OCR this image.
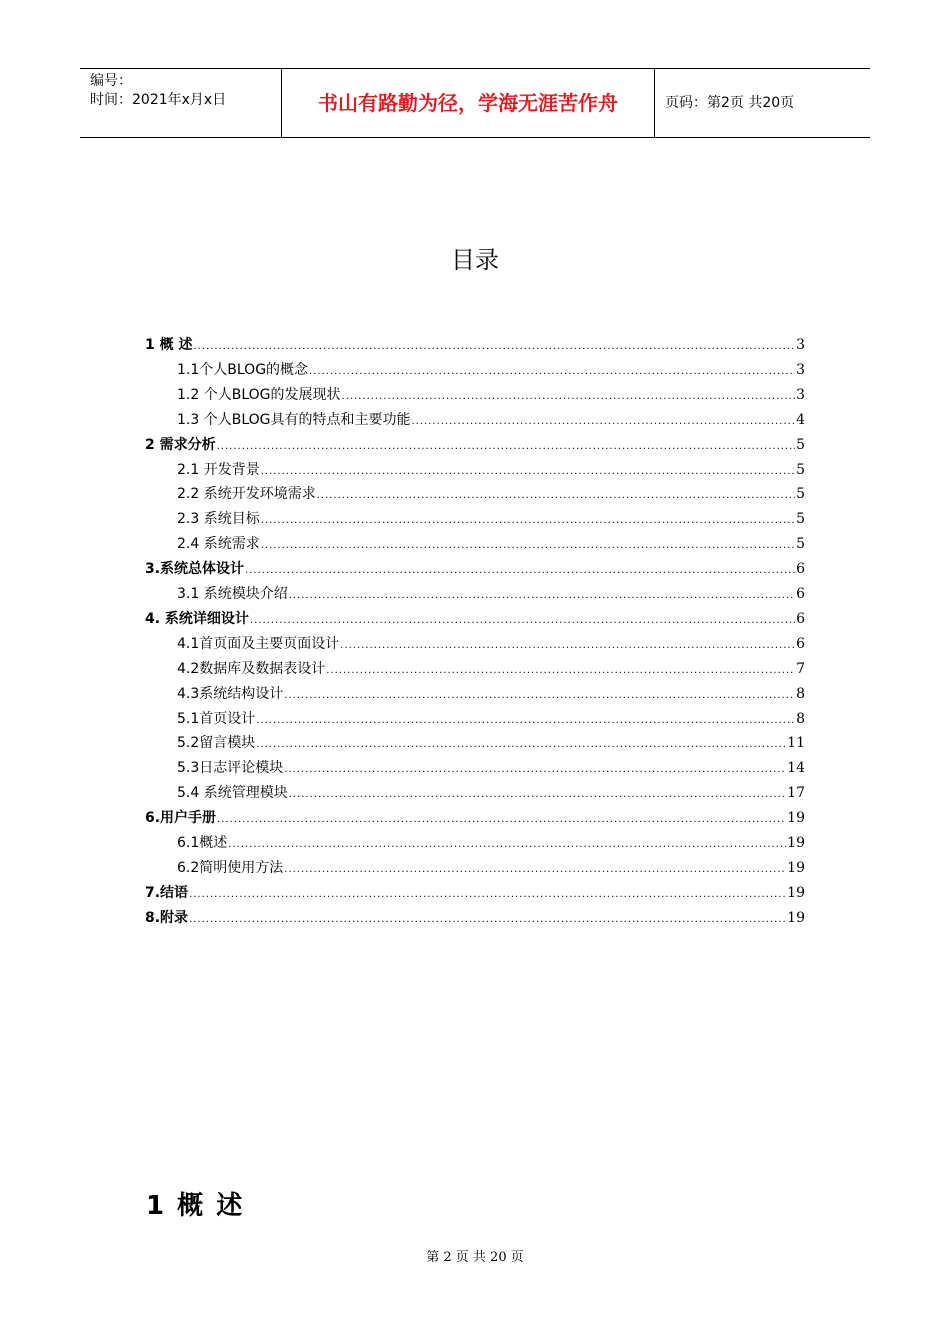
编号：
时间：2021年x月x日	书山有路勤为径，学海无涯苦作舟	页码：第2页 共20页
目录
1 概 述 .....	3
1.1个人BLOG的概念 .....	3
1.2 个人BLOG的发展现状 .....	3
1.3 个人BLOG具有的特点和主要功能 .....	4
2 需求分析 .....	5
2.1 开发背景 .....	5
2.2 系统开发环境需求 .....	5
2.3 系统目标 .....	5
2.4 系统需求 .....	5
3.系统总体设计 .....	6
3.1 系统模块介绍 .....	6
4. 系统详细设计 .....	6
4.1首页面及主要页面设计 .....	6
4.2数据库及数据表设计 .....	7
4.3系统结构设计 .....	8
5.1首页设计 .....	8
5.2留言模块 .....	11
5.3日志评论模块 .....	14
5.4 系统管理模块 .....	17
6.用户手册 .....	19
6.1概述 .....	19
6.2简明使用方法 .....	19
7.结语 .....	19
8.附录 .....	19
1 概 述
第 2 页 共 20 页
